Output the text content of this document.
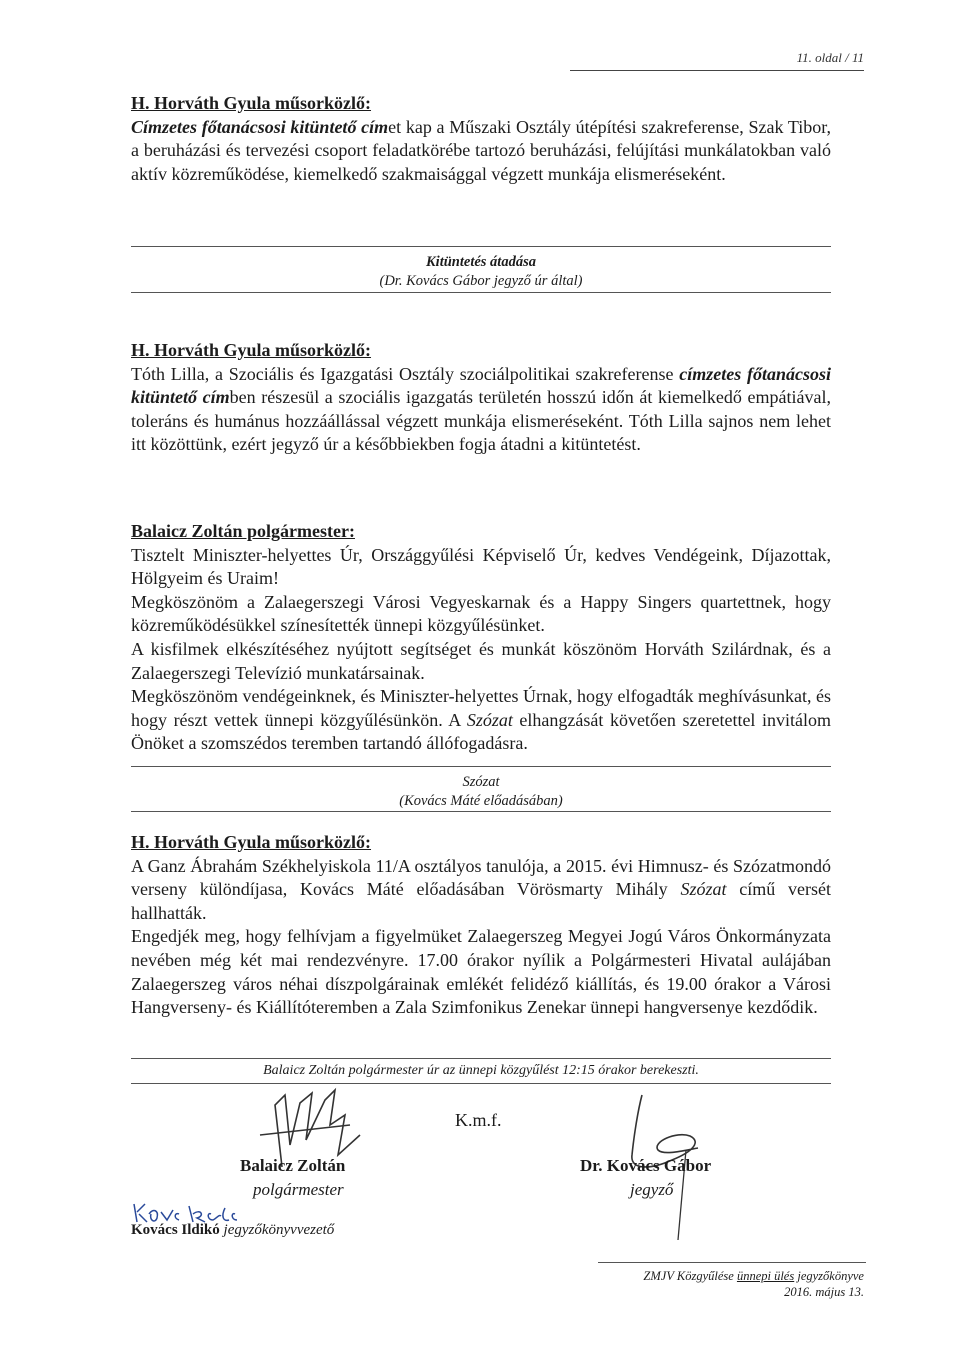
11. oldal / 11

H. Horváth Gyula műsorközlő:

Címzetes főtanácsosi kitüntető címet kap a Műszaki Osztály útépítési szakreferense, Szak Tibor, a beruházási és tervezési csoport feladatkörébe tartozó beruházási, felújítási munkálatokban való aktív közreműködése, kiemelkedő szakmaisággal végzett munkája elismeréseként.

Kitüntetés átadása
(Dr. Kovács Gábor jegyző úr által)

H. Horváth Gyula műsorközlő:

Tóth Lilla, a Szociális és Igazgatási Osztály szociálpolitikai szakreferense címzetes főtanácsosi kitüntető címben részesül a szociális igazgatás területén hosszú időn át kiemelkedő empátiával, toleráns és humánus hozzáállással végzett munkája elismeréseként. Tóth Lilla sajnos nem lehet itt közöttünk, ezért jegyző úr a későbbiekben fogja átadni a kitüntetést.

Balaicz Zoltán polgármester:

Tisztelt Miniszter-helyettes Úr, Országgyűlési Képviselő Úr, kedves Vendégeink, Díjazottak, Hölgyeim és Uraim!

Megköszönöm a Zalaegerszegi Városi Vegyeskarnak és a Happy Singers quartettnek, hogy közreműködésükkel színesítették ünnepi közgyűlésünket.

A kisfilmek elkészítéséhez nyújtott segítséget és munkát köszönöm Horváth Szilárdnak, és a Zalaegerszegi Televízió munkatársainak.

Megköszönöm vendégeinknek, és Miniszter-helyettes Úrnak, hogy elfogadták meghívásunkat, és hogy részt vettek ünnepi közgyűlésünkön. A Szózat elhangzását követően szeretettel invitálom Önöket a szomszédos teremben tartandó állófogadásra.

Szózat
(Kovács Máté előadásában)

H. Horváth Gyula műsorközlő:

A Ganz Ábrahám Székhelyiskola 11/A osztályos tanulója, a 2015. évi Himnusz- és Szózatmondó verseny különdíjasa, Kovács Máté előadásában Vörösmarty Mihály Szózat című versét hallhatták.

Engedjék meg, hogy felhívjam a figyelmüket Zalaegerszeg Megyei Jogú Város Önkormányzata nevében még két mai rendezvényre. 17.00 órakor nyílik a Polgármesteri Hivatal aulájában Zalaegerszeg város néhai díszpolgárainak emlékét felidéző kiállítás, és 19.00 órakor a Városi Hangverseny- és Kiállítóteremben a Zala Szimfonikus Zenekar ünnepi hangversenye kezdődik.

Balaicz Zoltán polgármester úr az ünnepi közgyűlést 12:15 órakor berekeszti.
K.m.f.
Balaicz Zoltán
polgármester
Dr. Kovács Gábor
jegyző
Kovács Ildikó jegyzőkönyvvezető
ZMJV Közgyűlése ünnepi ülés jegyzőkönyve
2016. május 13.
